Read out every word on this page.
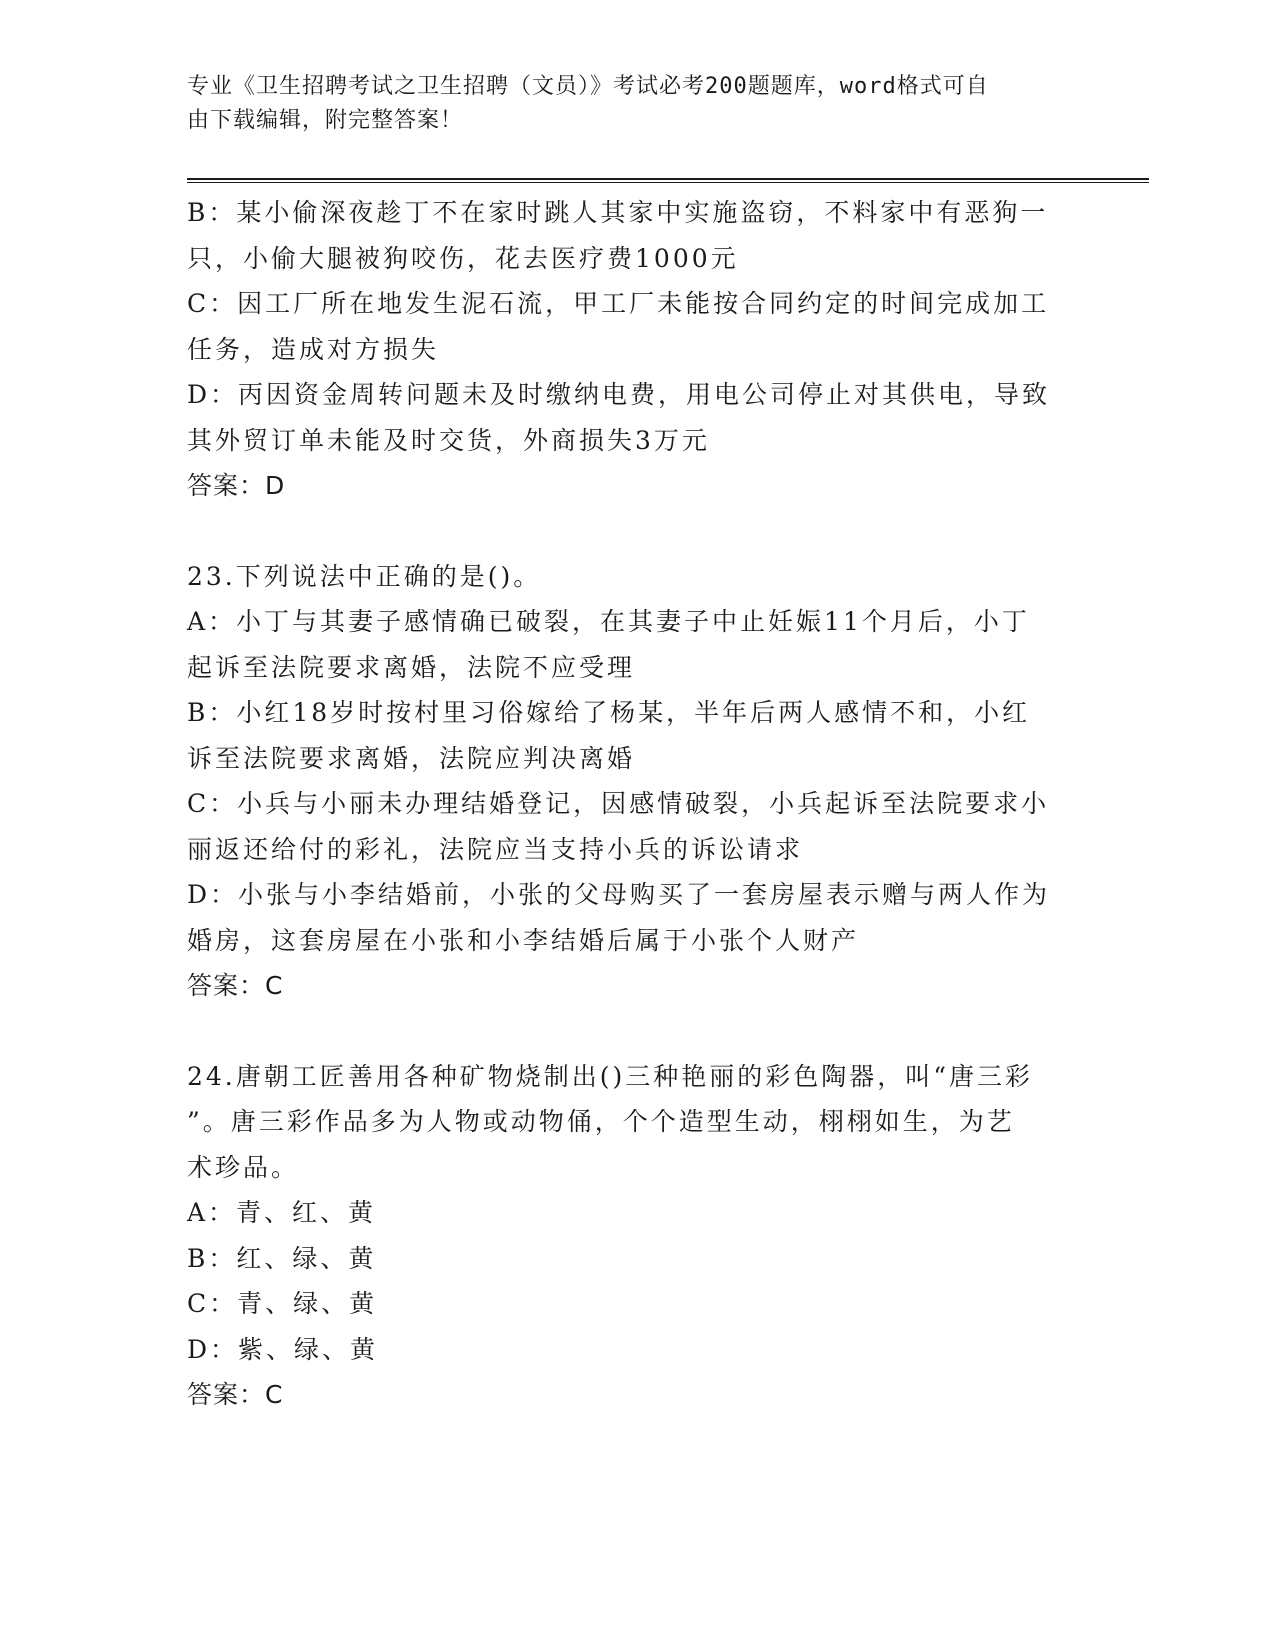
专业《卫生招聘考试之卫生招聘（文员）》考试必考200题题库，word格式可自
由下载编辑，附完整答案！
B：某小偷深夜趁丁不在家时跳人其家中实施盗窃，不料家中有恶狗一
只，小偷大腿被狗咬伤，花去医疗费1000元
C：因工厂所在地发生泥石流，甲工厂未能按合同约定的时间完成加工
任务，造成对方损失
D：丙因资金周转问题未及时缴纳电费，用电公司停止对其供电，导致
其外贸订单未能及时交货，外商损失3万元
答案：D
23.下列说法中正确的是()。
A：小丁与其妻子感情确已破裂，在其妻子中止妊娠11个月后，小丁
起诉至法院要求离婚，法院不应受理
B：小红18岁时按村里习俗嫁给了杨某，半年后两人感情不和，小红
诉至法院要求离婚，法院应判决离婚
C：小兵与小丽未办理结婚登记，因感情破裂，小兵起诉至法院要求小
丽返还给付的彩礼，法院应当支持小兵的诉讼请求
D：小张与小李结婚前，小张的父母购买了一套房屋表示赠与两人作为
婚房，这套房屋在小张和小李结婚后属于小张个人财产
答案：C
24.唐朝工匠善用各种矿物烧制出()三种艳丽的彩色陶器，叫“唐三彩
”。唐三彩作品多为人物或动物俑，个个造型生动，栩栩如生，为艺
术珍品。
A：青、红、黄
B：红、绿、黄
C：青、绿、黄
D：紫、绿、黄
答案：C
